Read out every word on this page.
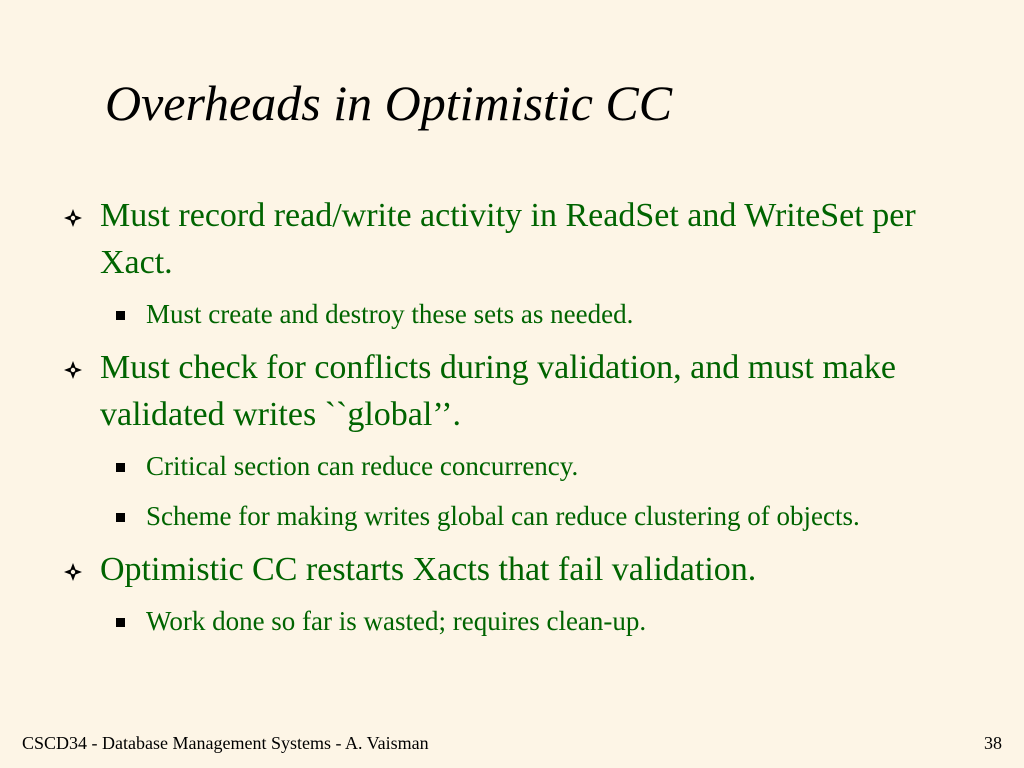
Overheads in Optimistic CC
Must record read/write activity in ReadSet and WriteSet per Xact.
Must create and destroy these sets as needed.
Must check for conflicts during validation, and must make validated writes ``global’’.
Critical section can reduce concurrency.
Scheme for making writes global can reduce clustering of objects.
Optimistic CC restarts Xacts that fail validation.
Work done so far is wasted; requires clean-up.
CSCD34 - Database Management Systems - A. Vaisman	38
